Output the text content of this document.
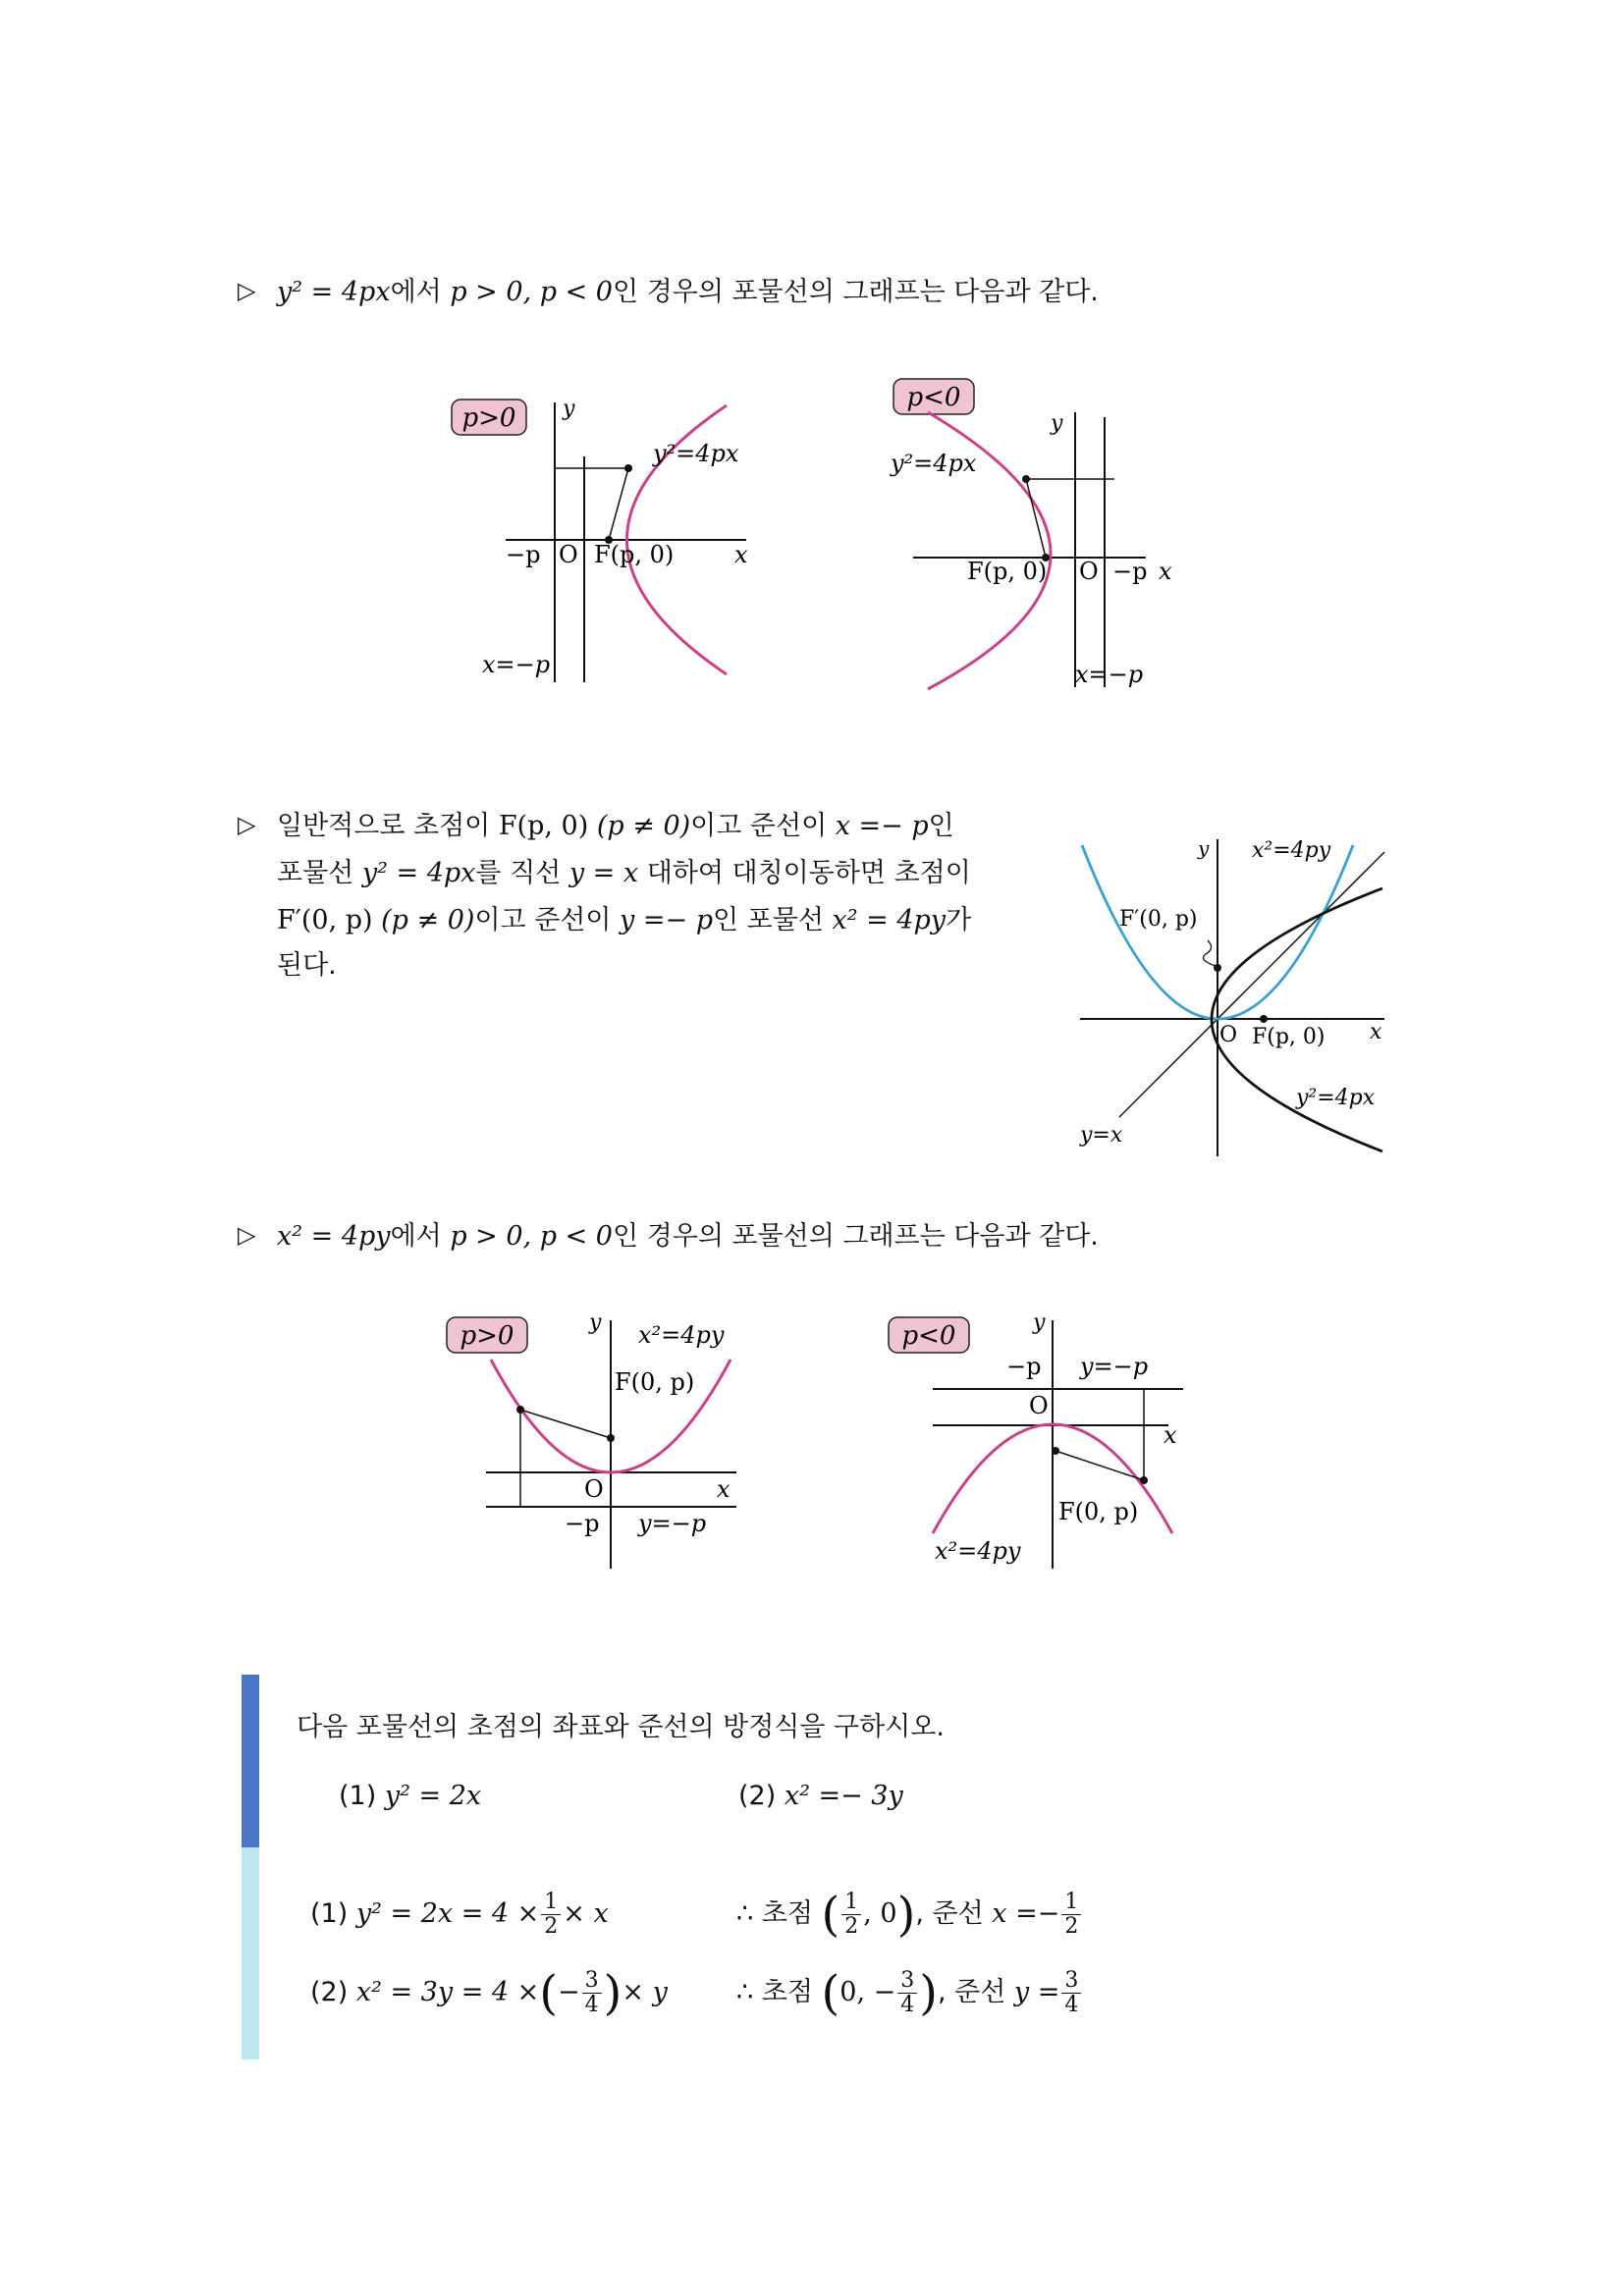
▷ y² = 4px에서 p > 0, p < 0인 경우의 포물선의 그래프는 다음과 같다.
p>0 y
x
y²=4px
−p O F(p, 0)
x=−p
p<0
y
x
y²=4px
F(p, 0) O −p
x=−p
▷ 일반적으로 초점이 F(p, 0) (p ≠ 0)이고 준선이 x =− p인
포물선 y² = 4px를 직선 y = x 대하여 대칭이동하면 초점이
F′(0, p) (p ≠ 0)이고 준선이 y =− p인 포물선 x² = 4py가
된다.
y
x
x²=4py
F′(0, p)
O F(p, 0)
y²=4px
y=x
▷ x² = 4py에서 p > 0, p < 0인 경우의 포물선의 그래프는 다음과 같다.
p>0	y
x
x²=4py
F(0, p)
O
−p y=−p
p<0	y
x
−p y=−p
O
F(0, p)
x²=4py
다음 포물선의 초점의 좌표와 준선의 방정식을 구하시오.
(1) y² = 2x	(2) x² =− 3y
(1) $y^2 = 2x = 4 \times \frac{1}{2} \times x$	∴ 초점 ( $\frac{1}{2}$ , 0), 준선 $x =- \frac{1}{2}$
(2) x² = 3y = 4 ×(− $\frac{3}{4}$ )× y	∴ 초점 (0, − $\frac{3}{4}$ ), 준선 $y = \frac{3}{4}$
